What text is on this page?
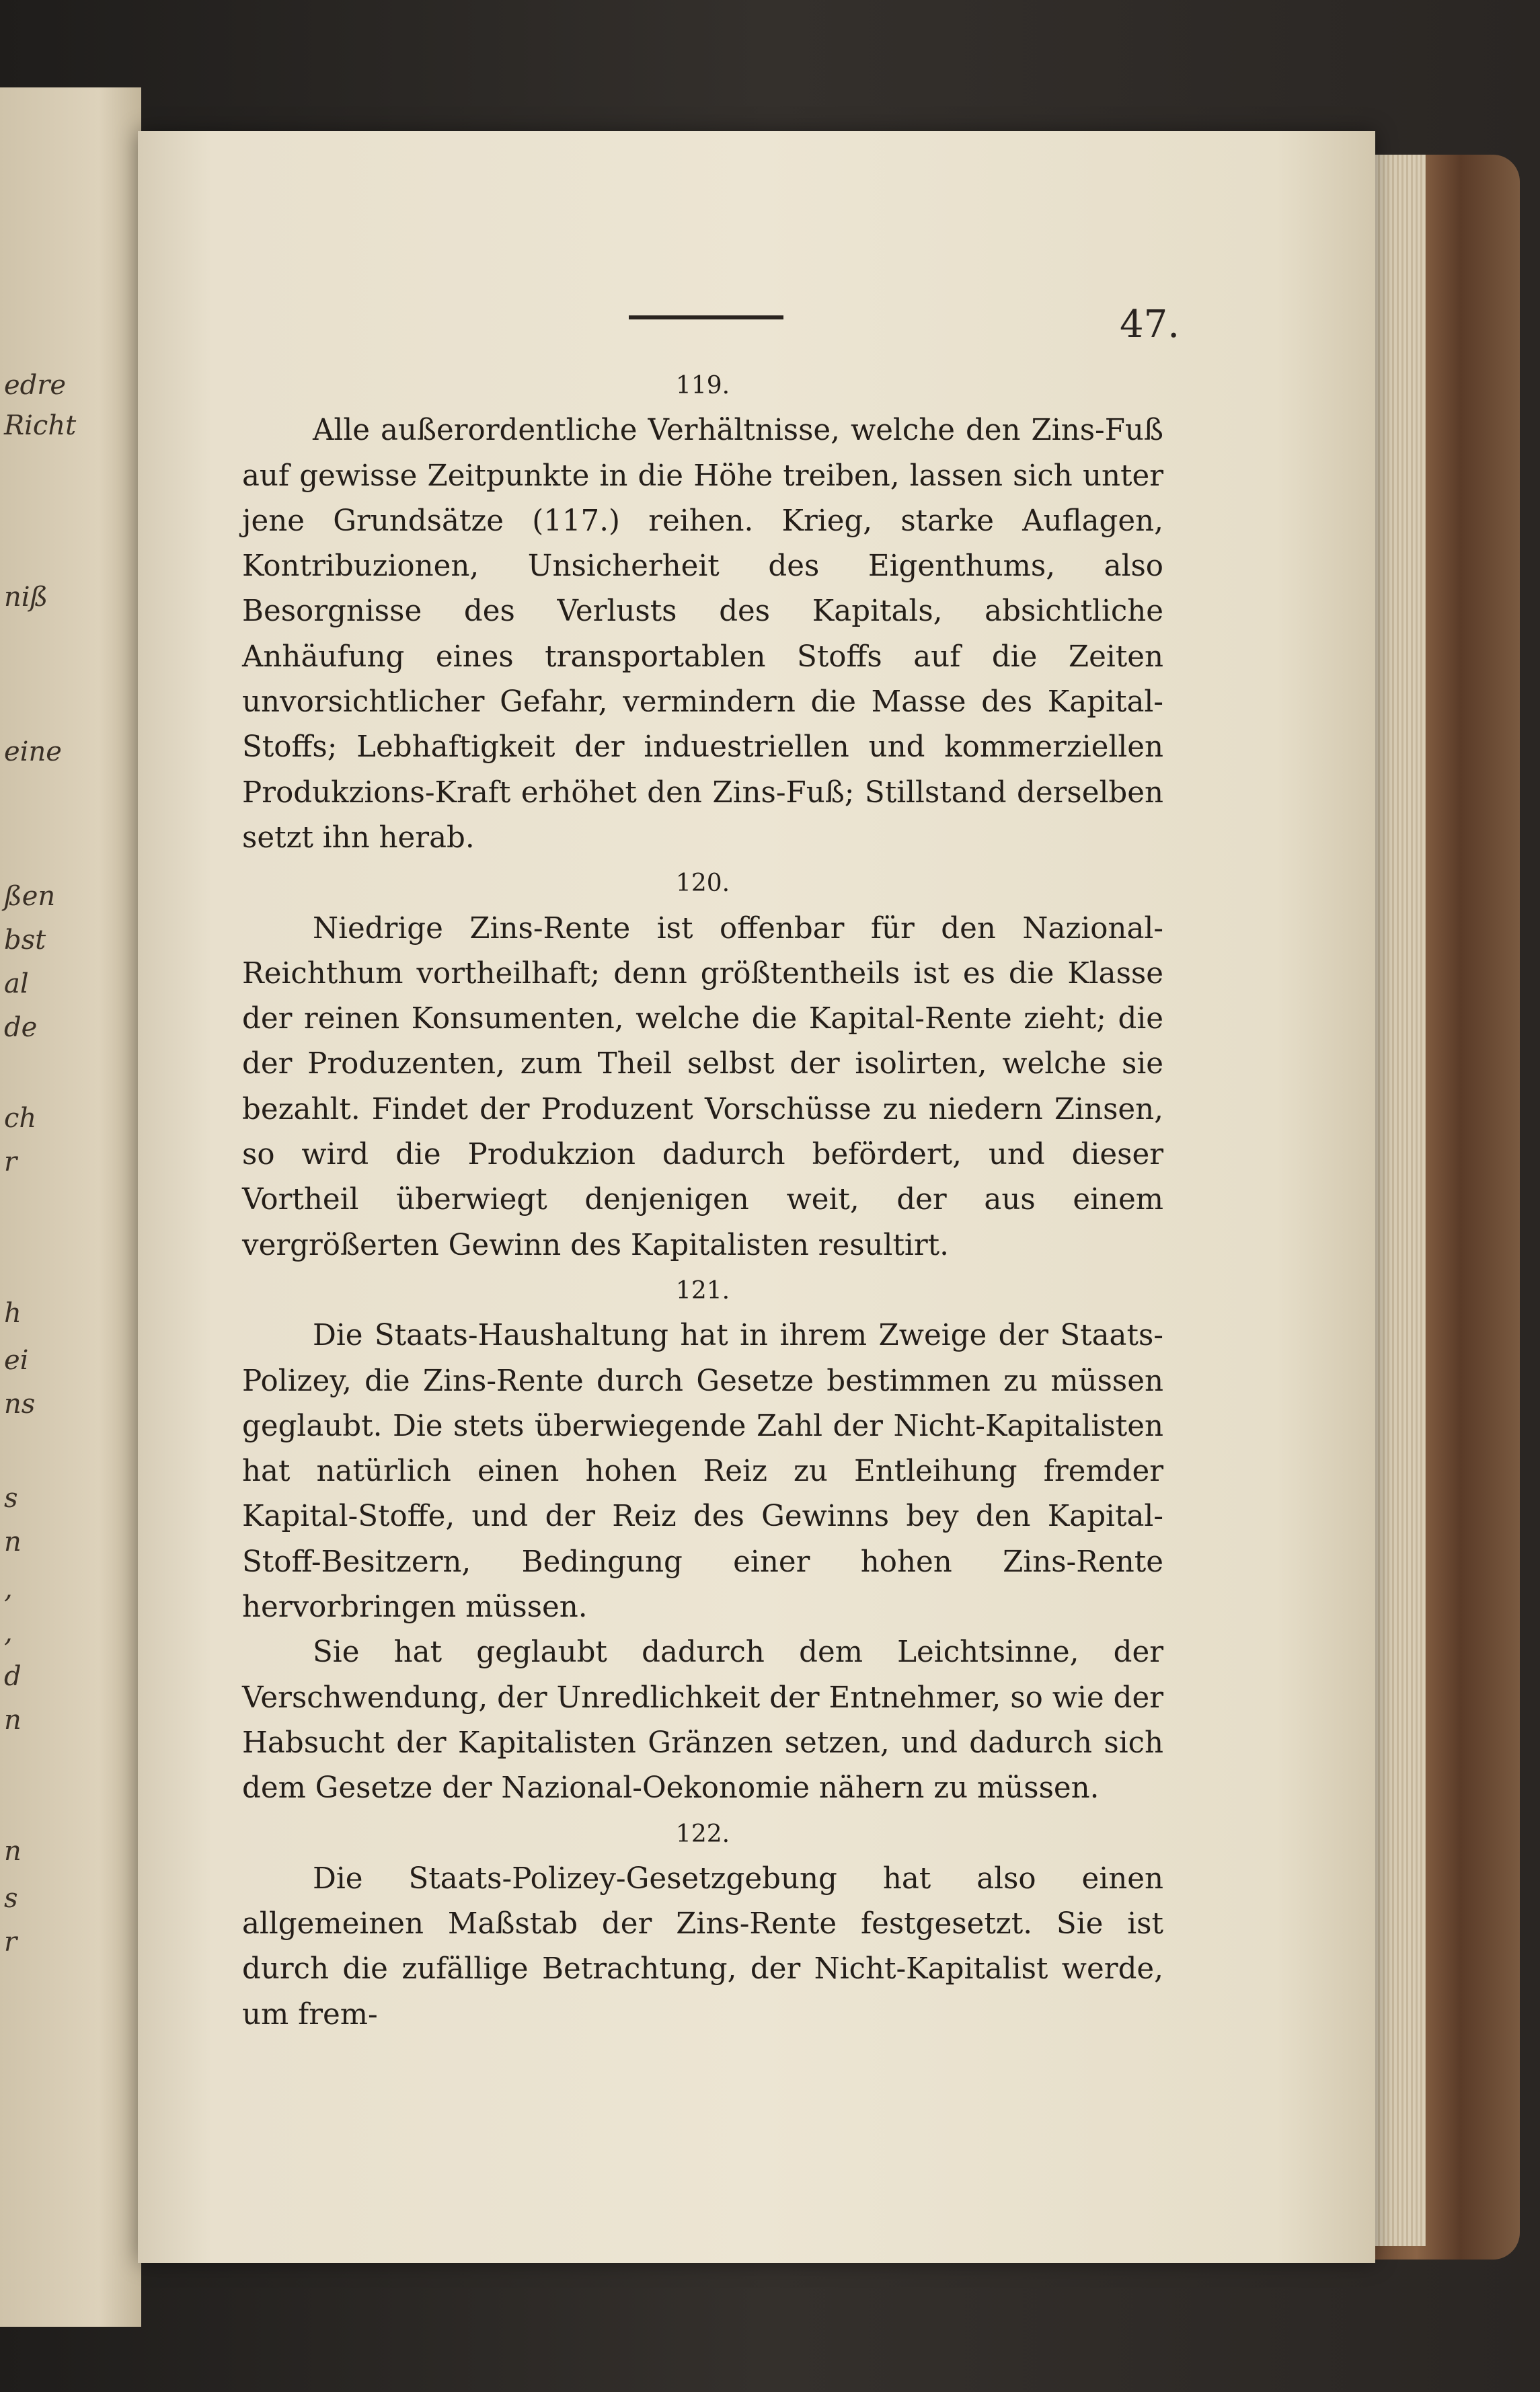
edre
Richt
niß
eine
ßen
bst
al
de
ch
r
h
ei
ns
s
n
,
,
d
n
n
s
r
47.
119.

Alle außerordentliche Verhältnisse, welche den Zins-Fuß auf gewisse Zeitpunkte in die Höhe treiben, lassen sich unter jene Grundsätze (117.) reihen. Krieg, starke Auflagen, Kontribuzionen, Unsicherheit des Eigenthums, also Besorgnisse des Verlusts des Kapitals, absichtliche Anhäufung eines transportablen Stoffs auf die Zeiten unvorsichtlicher Gefahr, vermindern die Masse des Kapital-Stoffs; Lebhaftigkeit der induestriellen und kommerziellen Produkzions-Kraft erhöhet den Zins-Fuß; Stillstand derselben setzt ihn herab.

120.

Niedrige Zins-Rente ist offenbar für den Nazional-Reichthum vortheilhaft; denn größtentheils ist es die Klasse der reinen Konsumenten, welche die Kapital-Rente zieht; die der Produzenten, zum Theil selbst der isolirten, welche sie bezahlt. Findet der Produzent Vorschüsse zu niedern Zinsen, so wird die Produkzion dadurch befördert, und dieser Vortheil überwiegt denjenigen weit, der aus einem vergrößerten Gewinn des Kapitalisten resultirt.

121.

Die Staats-Haushaltung hat in ihrem Zweige der Staats-Polizey, die Zins-Rente durch Gesetze bestimmen zu müssen geglaubt. Die stets überwiegende Zahl der Nicht-Kapitalisten hat natürlich einen hohen Reiz zu Entleihung fremder Kapital-Stoffe, und der Reiz des Gewinns bey den Kapital-Stoff-Besitzern, Bedingung einer hohen Zins-Rente hervorbringen müssen.

Sie hat geglaubt dadurch dem Leichtsinne, der Verschwendung, der Unredlichkeit der Entnehmer, so wie der Habsucht der Kapitalisten Gränzen setzen, und dadurch sich dem Gesetze der Nazional-Oekonomie nähern zu müssen.

122.

Die Staats-Polizey-Gesetzgebung hat also einen allgemeinen Maßstab der Zins-Rente festgesetzt. Sie ist durch die zufällige Betrachtung, der Nicht-Kapitalist werde, um frem-
